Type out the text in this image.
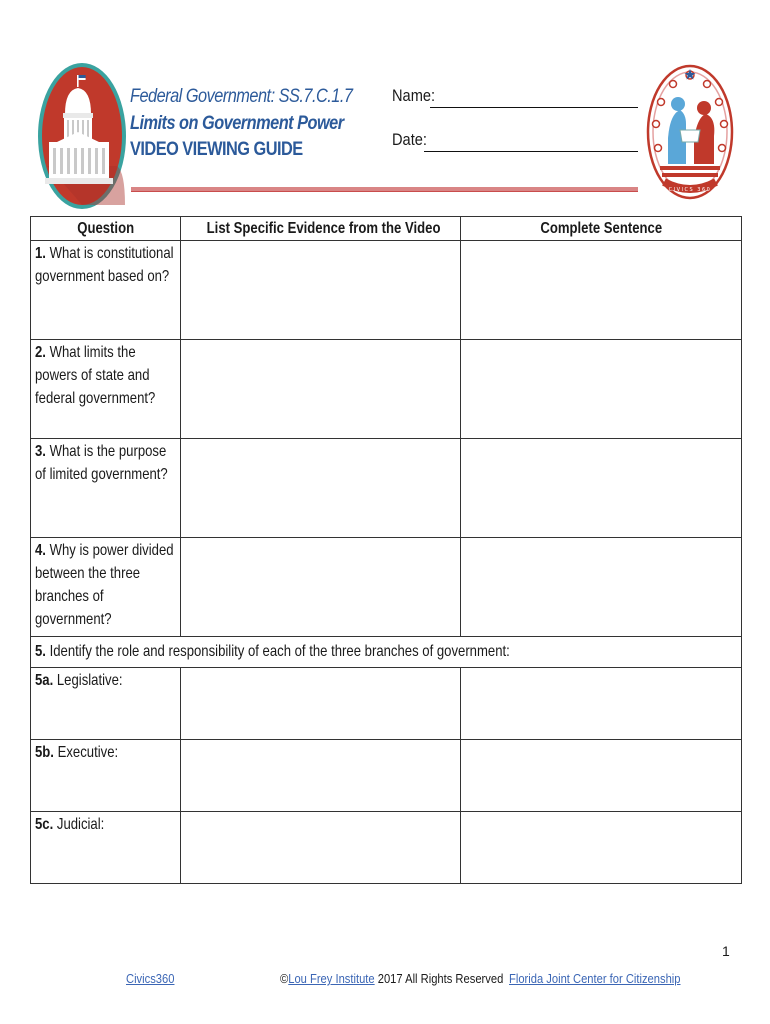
Federal Government: SS.7.C.1.7
Limits on Government Power
VIDEO VIEWING GUIDE
Name:
Date:
CIVICS 360
Question	List Specific Evidence from the Video	Complete Sentence

1. What is constitutional government based on?		

2. What limits the powers of state and federal government?		

3. What is the purpose of limited government?		

4. Why is power divided between the three branches of government?		

5. Identify the role and responsibility of each of the three branches of government:		

5a. Legislative:		

5b. Executive:		

5c. Judicial:		

1
Civics360	©Lou Frey Institute 2017 All Rights Reserved Florida Joint Center for Citizenship
